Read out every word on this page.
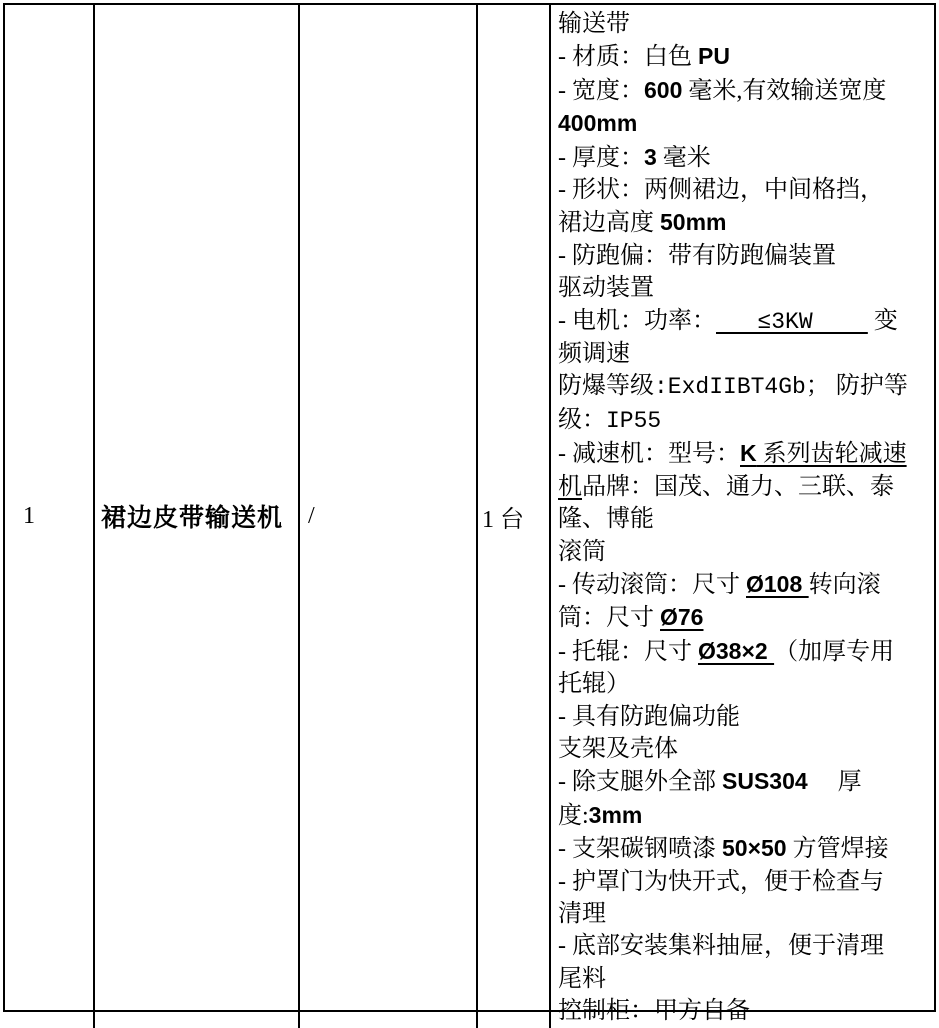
1	裙边皮带输送机 /	1 台
输送带
- 材质：白色 PU
- 宽度：600 毫米,有效输送宽度
400mm
- 厚度：3 毫米
- 形状：两侧裙边，中间格挡，
裙边高度 50mm
- 防跑偏：带有防跑偏装置
驱动装置
- 电机：功率：   ≤3KW     变
频调速
防爆等级:ExdIIBT4Gb； 防护等
级：IP55
- 减速机：型号：K 系列齿轮减速
机品牌：国茂、通力、三联、泰
隆、博能
滚筒
- 传动滚筒：尺寸 Ø108 转向滚
筒：尺寸 Ø76
- 托辊：尺寸 Ø38×2 （加厚专用
托辊）
- 具有防跑偏功能
支架及壳体
- 除支腿外全部 SUS304　 厚
度:3mm
- 支架碳钢喷漆 50×50 方管焊接
- 护罩门为快开式，便于检查与
清理
- 底部安装集料抽屉，便于清理
尾料
控制柜：甲方自备
